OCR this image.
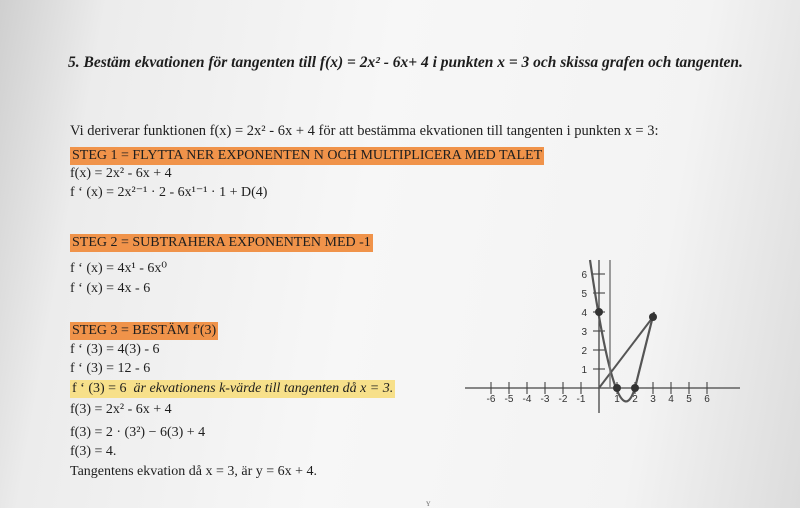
5. Bestäm ekvationen för tangenten till f(x) = 2x² - 6x+ 4 i punkten x = 3 och skissa grafen och tangenten.
Vi deriverar funktionen f(x) = 2x² - 6x + 4 för att bestämma ekvationen till tangenten i punkten x = 3:
STEG 1 = FLYTTA NER EXPONENTEN N OCH MULTIPLICERA MED TALET
f(x) = 2x² - 6x + 4
f ‘ (x) = 2x²⁻¹ · 2 - 6x¹⁻¹ · 1 + D(4)
STEG 2 = SUBTRAHERA EXPONENTEN MED -1
f ‘ (x) = 4x¹ - 6x⁰
f ‘ (x) = 4x - 6
STEG 3 = BESTÄM f'(3)
f ‘ (3) = 4(3) - 6
f ‘ (3) = 12 - 6
f ‘ (3) = 6 är ekvationens k-värde till tangenten då x = 3.
f(3) = 2x² - 6x + 4
f(3) = 2 · (3²) − 6(3) + 4
f(3) = 4.
Tangentens ekvation då x = 3, är y = 6x + 4.
-6 -5 -4 -3 -2 -1	1 2 3 4 5 6
1
2
3
4
5
6
ʏ
